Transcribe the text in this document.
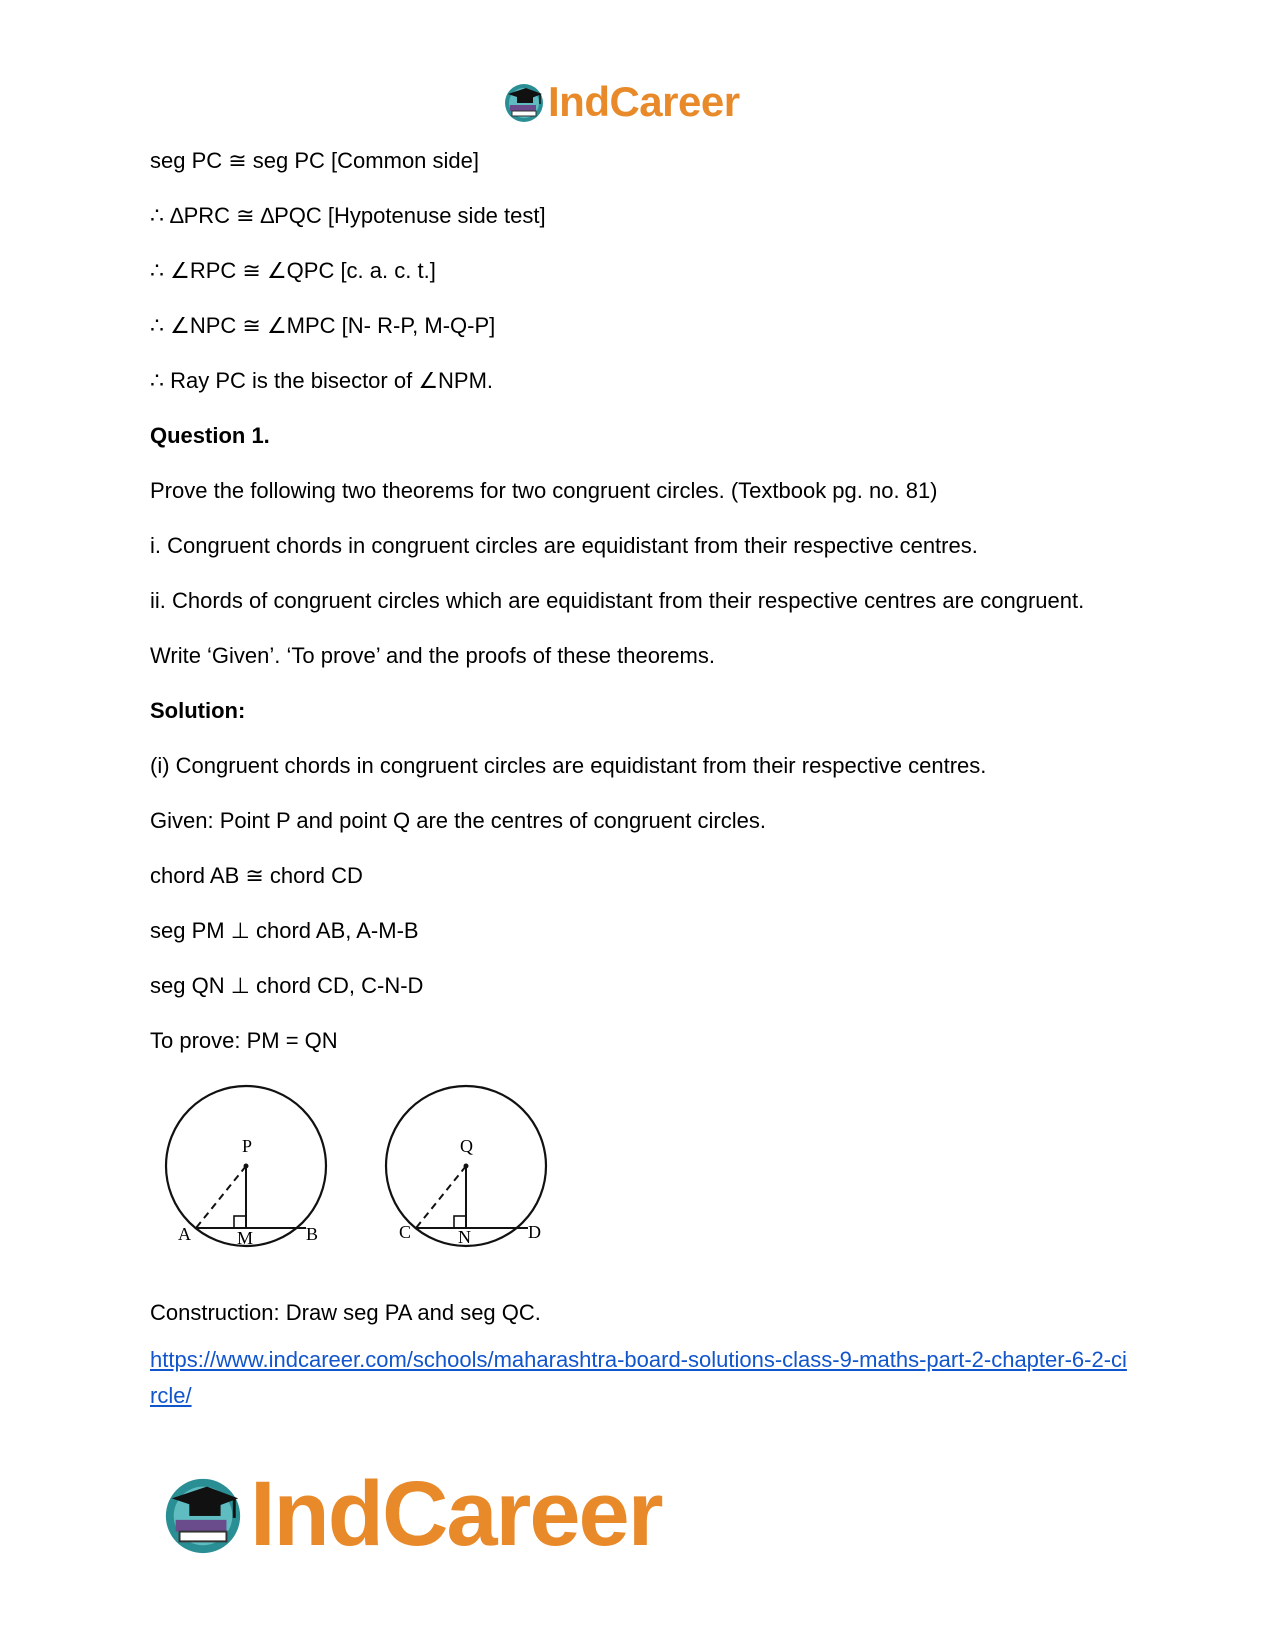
IndCareer

seg PC ≅ seg PC [Common side]

∴ ∆PRC ≅ ∆PQC [Hypotenuse side test]

∴ ∠RPC ≅ ∠QPC [c. a. c. t.]

∴ ∠NPC ≅ ∠MPC [N- R-P, M-Q-P]

∴ Ray PC is the bisector of ∠NPM.

Question 1.

Prove the following two theorems for two congruent circles. (Textbook pg. no. 81)

i. Congruent chords in congruent circles are equidistant from their respective centres.

ii. Chords of congruent circles which are equidistant from their respective centres are congruent.

Write ‘Given’. ‘To prove’ and the proofs of these theorems.

Solution:

(i) Congruent chords in congruent circles are equidistant from their respective centres.

Given: Point P and point Q are the centres of congruent circles.

chord AB ≅ chord CD

seg PM ⊥ chord AB, A-M-B

seg QN ⊥ chord CD, C-N-D

To prove: PM = QN

P
A	M	B
Q
C	N	D

Construction: Draw seg PA and seg QC.

https://www.indcareer.com/schools/maharashtra-board-solutions-class-9-maths-part-2-chapter-6-2-circle/
IndCareer
